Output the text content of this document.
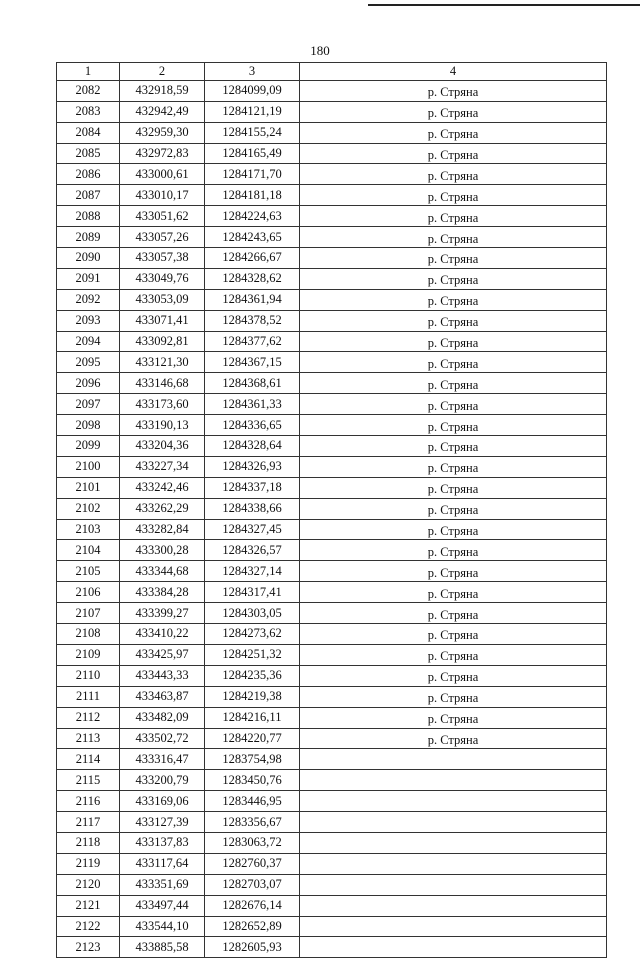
180
1	2	3	4
2082	432918,59	1284099,09	р. Стряна
2083	432942,49	1284121,19	р. Стряна
2084	432959,30	1284155,24	р. Стряна
2085	432972,83	1284165,49	р. Стряна
2086	433000,61	1284171,70	р. Стряна
2087	433010,17	1284181,18	р. Стряна
2088	433051,62	1284224,63	р. Стряна
2089	433057,26	1284243,65	р. Стряна
2090	433057,38	1284266,67	р. Стряна
2091	433049,76	1284328,62	р. Стряна
2092	433053,09	1284361,94	р. Стряна
2093	433071,41	1284378,52	р. Стряна
2094	433092,81	1284377,62	р. Стряна
2095	433121,30	1284367,15	р. Стряна
2096	433146,68	1284368,61	р. Стряна
2097	433173,60	1284361,33	р. Стряна
2098	433190,13	1284336,65	р. Стряна
2099	433204,36	1284328,64	р. Стряна
2100	433227,34	1284326,93	р. Стряна
2101	433242,46	1284337,18	р. Стряна
2102	433262,29	1284338,66	р. Стряна
2103	433282,84	1284327,45	р. Стряна
2104	433300,28	1284326,57	р. Стряна
2105	433344,68	1284327,14	р. Стряна
2106	433384,28	1284317,41	р. Стряна
2107	433399,27	1284303,05	р. Стряна
2108	433410,22	1284273,62	р. Стряна
2109	433425,97	1284251,32	р. Стряна
2110	433443,33	1284235,36	р. Стряна
2111	433463,87	1284219,38	р. Стряна
2112	433482,09	1284216,11	р. Стряна
2113	433502,72	1284220,77	р. Стряна
2114	433316,47	1283754,98	
2115	433200,79	1283450,76	
2116	433169,06	1283446,95	
2117	433127,39	1283356,67	
2118	433137,83	1283063,72	
2119	433117,64	1282760,37	
2120	433351,69	1282703,07	
2121	433497,44	1282676,14	
2122	433544,10	1282652,89	
2123	433885,58	1282605,93	
